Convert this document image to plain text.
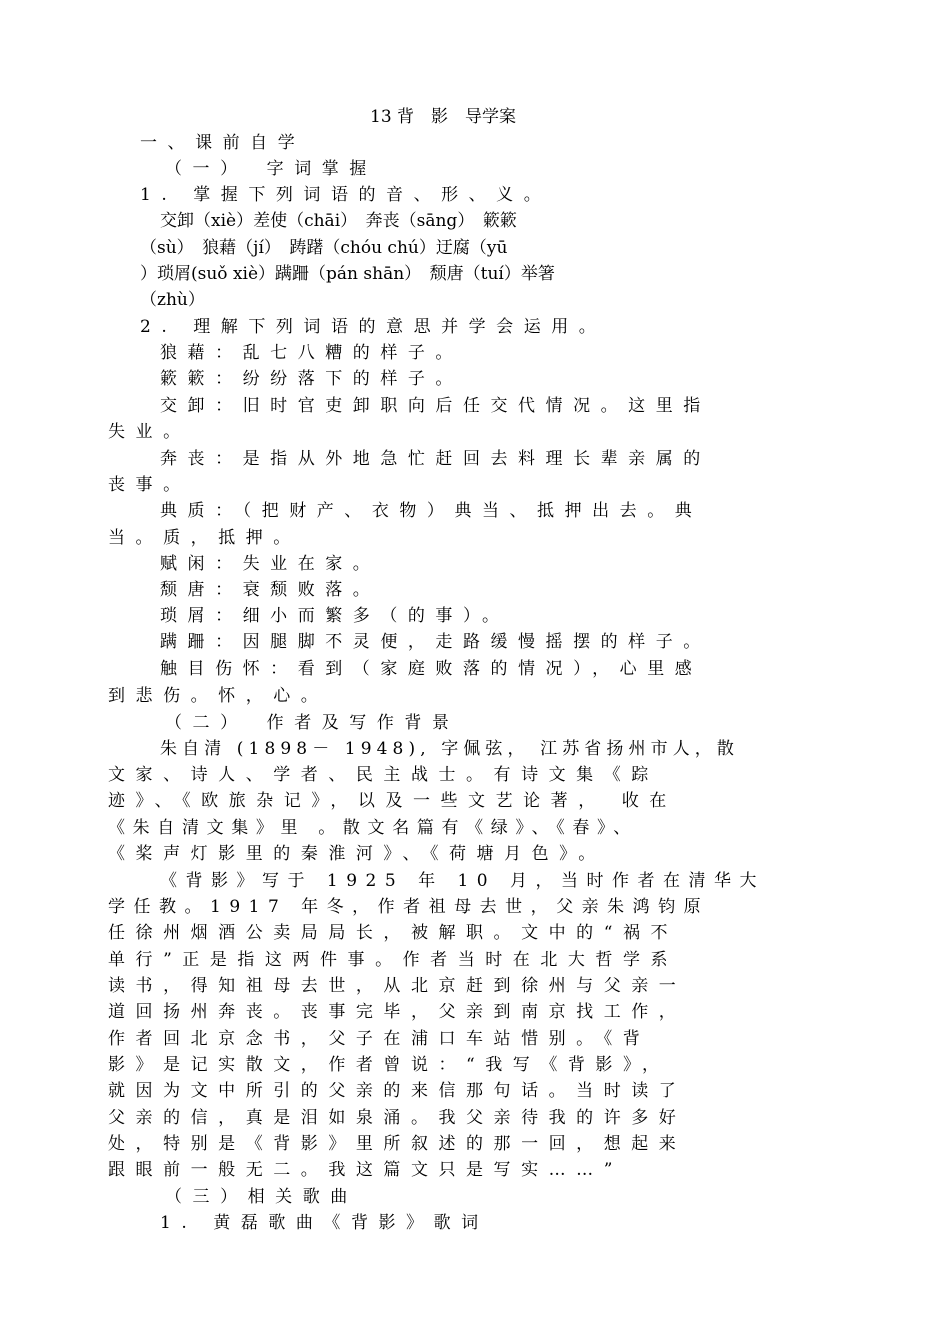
13 背　影　导学案
一、课前自学
（一）　字词掌握
1. 掌握下列词语的音、形、义。
交卸（xiè）差使（chāi）　奔丧（sāng）　簌簌
（sù）　狼藉（jí）　踌躇（chóu chú）迂腐（yū
）琐屑(suǒ xiè）蹒跚（pán shān）　颓唐（tuí）举箸
（zhù）
2. 理解下列词语的意思并学会运用。
狼藉：乱七八糟的样子。
簌簌：纷纷落下的样子。
交卸：旧时官吏卸职向后任交代情况。这里指
失业。
奔丧：是指从外地急忙赶回去料理长辈亲属的
丧事。
典质：（把财产、衣物）典当、抵押出去。典
当。质，抵押。
赋闲：失业在家。
颓唐：衰颓败落。
琐屑：细小而繁多（的事）。
蹒跚：因腿脚不灵便，走路缓慢摇摆的样子。
触目伤怀：看到（家庭败落的情况），心里感
到悲伤。怀，心。
（二）　作者及写作背景
朱自清 (1898－ 1948), 字佩弦， 江苏省扬州市人，散
文家、诗人、学者、民主战士。有诗文集《踪
迹》、《欧旅杂记》，以及一些文艺论著， 收在
《朱自清文集》里 。散文名篇有《绿》、《春》、
《桨声灯影里的秦淮河》、《荷塘月色》。
《背影》写于 1925 年 10 月，当时作者在清华大
学任教。1917 年冬，作者祖母去世，父亲朱鸿钧原
任徐州烟酒公卖局局长，被解职。文中的“祸不
单行”正是指这两件事。作者当时在北大哲学系
读书，得知祖母去世，从北京赶到徐州与父亲一
道回扬州奔丧。丧事完毕，父亲到南京找工作，
作者回北京念书，父子在浦口车站惜别。《背
影》是记实散文，作者曾说：“我写《背影》，
就因为文中所引的父亲的来信那句话。当时读了
父亲的信，真是泪如泉涌。我父亲待我的许多好
处，特别是《背影》里所叙述的那一回，想起来
跟眼前一般无二。我这篇文只是写实……”
（三）相关歌曲
1. 黄磊歌曲《背影》歌词
